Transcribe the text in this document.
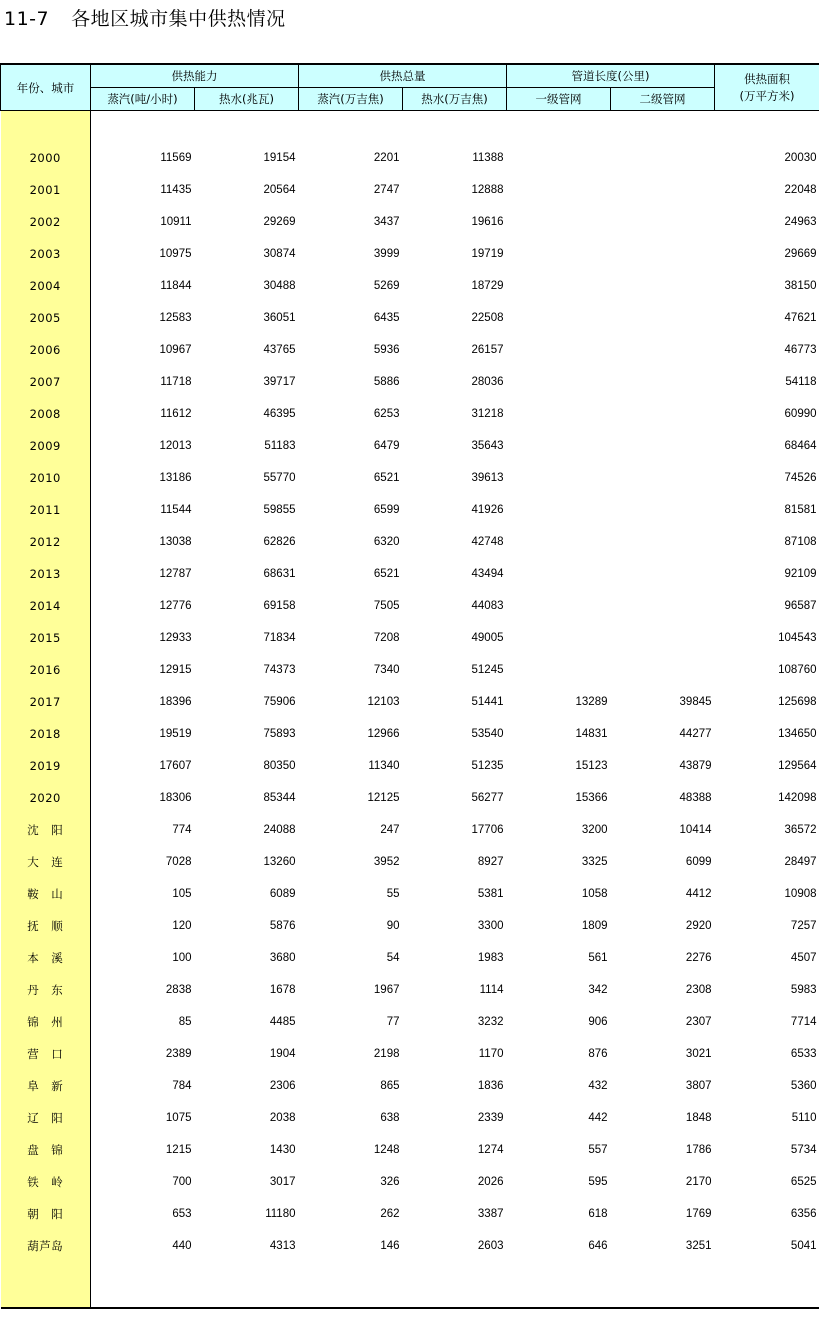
11-7 各地区城市集中供热情况
年份、城市	供热能力		供热总量		管道长度(公里)		供热面积
(万平方米)
	蒸汽(吨/小时)	热水(兆瓦)	蒸汽(万吉焦)	热水(万吉焦)	一级管网	二级管网	

2000	11569	19154	2201	11388			20030
2001	11435	20564	2747	12888			22048
2002	10911	29269	3437	19616			24963
2003	10975	30874	3999	19719			29669
2004	11844	30488	5269	18729			38150
2005	12583	36051	6435	22508			47621
2006	10967	43765	5936	26157			46773
2007	11718	39717	5886	28036			54118
2008	11612	46395	6253	31218			60990
2009	12013	51183	6479	35643			68464
2010	13186	55770	6521	39613			74526
2011	11544	59855	6599	41926			81581
2012	13038	62826	6320	42748			87108
2013	12787	68631	6521	43494			92109
2014	12776	69158	7505	44083			96587
2015	12933	71834	7208	49005			104543
2016	12915	74373	7340	51245			108760
2017	18396	75906	12103	51441	13289	39845	125698
2018	19519	75893	12966	53540	14831	44277	134650
2019	17607	80350	11340	51235	15123	43879	129564
2020	18306	85344	12125	56277	15366	48388	142098
沈　阳	774	24088	247	17706	3200	10414	36572
大　连	7028	13260	3952	8927	3325	6099	28497
鞍　山	105	6089	55	5381	1058	4412	10908
抚　顺	120	5876	90	3300	1809	2920	7257
本　溪	100	3680	54	1983	561	2276	4507
丹　东	2838	1678	1967	1114	342	2308	5983
锦　州	85	4485	77	3232	906	2307	7714
营　口	2389	1904	2198	1170	876	3021	6533
阜　新	784	2306	865	1836	432	3807	5360
辽　阳	1075	2038	638	2339	442	1848	5110
盘　锦	1215	1430	1248	1274	557	1786	5734
铁　岭	700	3017	326	2026	595	2170	6525
朝　阳	653	11180	262	3387	618	1769	6356
葫芦岛	440	4313	146	2603	646	3251	5041
